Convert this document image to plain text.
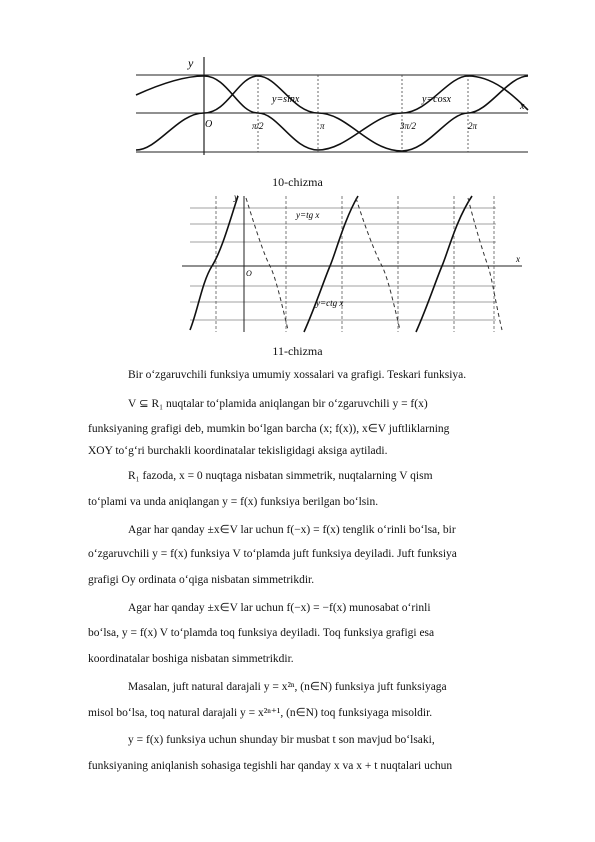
y
x
O
y=sinx	y=cosx
π/2	π	3π/2	2π
10-chizma
y
x
O
y=tg x
y=ctg x
11-chizma
Bir o‘zgaruvchili funksiya umumiy xossalari va grafigi. Teskari funksiya.
V ⊆ R₁ nuqtalar to‘plamida aniqlangan bir o‘zgaruvchili y = f(x)
funksiyaning grafigi deb, mumkin bo‘lgan barcha (x; f(x)), x∈V juftliklarning
XOY to‘g‘ri burchakli koordinatalar tekisligidagi aksiga aytiladi.
R₁ fazoda, x = 0 nuqtaga nisbatan simmetrik, nuqtalarning V qism
to‘plami va unda aniqlangan y = f(x) funksiya berilgan bo‘lsin.
Agar har qanday ±x∈V lar uchun f(−x) = f(x) tenglik o‘rinli bo‘lsa, bir
o‘zgaruvchili y = f(x) funksiya V to‘plamda juft funksiya deyiladi. Juft funksiya
grafigi Oy ordinata o‘qiga nisbatan simmetrikdir.
Agar har qanday ±x∈V lar uchun f(−x) = −f(x) munosabat o‘rinli
bo‘lsa, y = f(x) V to‘plamda toq funksiya deyiladi. Toq funksiya grafigi esa
koordinatalar boshiga nisbatan simmetrikdir.
Masalan, juft natural darajali y = x²ⁿ, (n∈N) funksiya juft funksiyaga
misol bo‘lsa, toq natural darajali y = x²ⁿ⁺¹, (n∈N) toq funksiyaga misoldir.
y = f(x) funksiya uchun shunday bir musbat t son mavjud bo‘lsaki,
funksiyaning aniqlanish sohasiga tegishli har qanday x va x + t nuqtalari uchun
